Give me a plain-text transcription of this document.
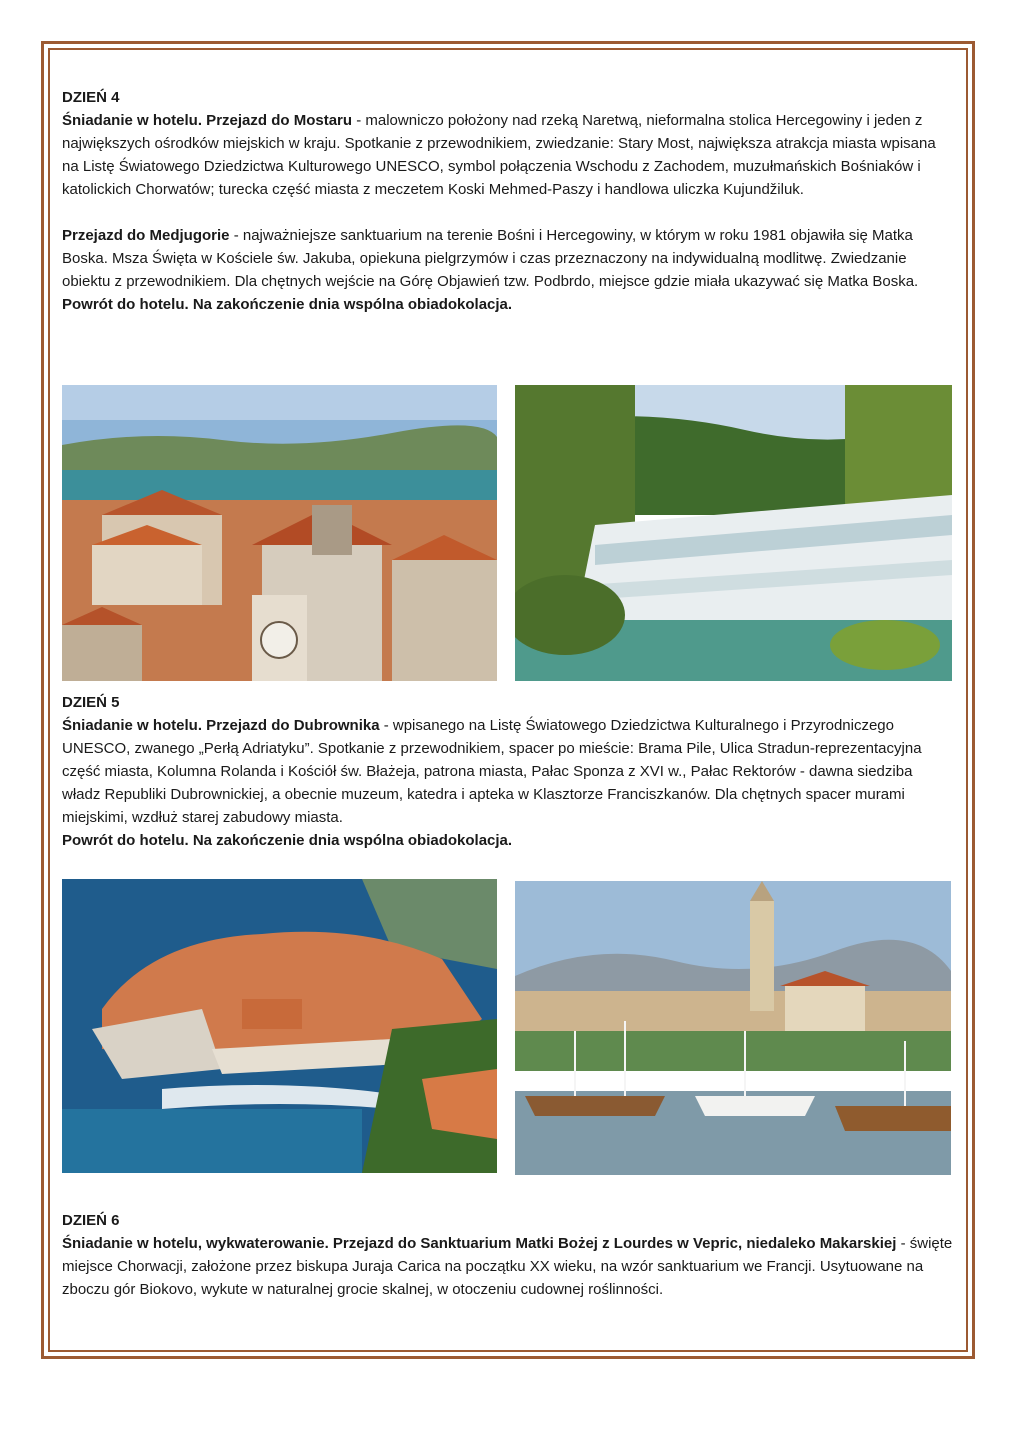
DZIEŃ 4

Śniadanie w hotelu. Przejazd do Mostaru - malowniczo położony nad rzeką Naretwą, nieformalna stolica Hercegowiny i jeden z największych ośrodków miejskich w kraju. Spotkanie z przewodnikiem, zwiedzanie: Stary Most, największa atrakcja miasta wpisana na Listę Światowego Dziedzictwa Kulturowego UNESCO, symbol połączenia Wschodu z Zachodem, muzułmańskich Bośniaków i katolickich Chorwatów; turecka część miasta z meczetem Koski Mehmed-Paszy i handlowa uliczka Kujundžiluk.

Przejazd do Medjugorie - najważniejsze sanktuarium na terenie Bośni i Hercegowiny, w którym w roku 1981 objawiła się Matka Boska. Msza Święta w Kościele św. Jakuba, opiekuna pielgrzymów i czas przeznaczony na indywidualną modlitwę. Zwiedzanie obiektu z przewodnikiem. Dla chętnych wejście na Górę Objawień tzw. Podbrdo, miejsce gdzie miała ukazywać się Matka Boska.

Powrót do hotelu. Na zakończenie dnia wspólna obiadokolacja.

DZIEŃ 5

Śniadanie w hotelu. Przejazd do Dubrownika - wpisanego na Listę Światowego Dziedzictwa Kulturalnego i Przyrodniczego UNESCO, zwanego „Perłą Adriatyku”. Spotkanie z przewodnikiem, spacer po mieście: Brama Pile, Ulica Stradun-reprezentacyjna część miasta, Kolumna Rolanda i Kościół św. Błażeja, patrona miasta, Pałac Sponza z XVI w., Pałac Rektorów - dawna siedziba władz Republiki Dubrownickiej, a obecnie muzeum, katedra i apteka w Klasztorze Franciszkanów. Dla chętnych spacer murami miejskimi, wzdłuż starej zabudowy miasta.

Powrót do hotelu. Na zakończenie dnia wspólna obiadokolacja.

DZIEŃ 6

Śniadanie w hotelu, wykwaterowanie. Przejazd do Sanktuarium Matki Bożej z Lourdes w Vepric, niedaleko Makarskiej - święte miejsce Chorwacji, założone przez biskupa Juraja Carica na początku XX wieku, na wzór sanktuarium we Francji. Usytuowane na zboczu gór Biokovo, wykute w naturalnej grocie skalnej, w otoczeniu cudownej roślinności.
